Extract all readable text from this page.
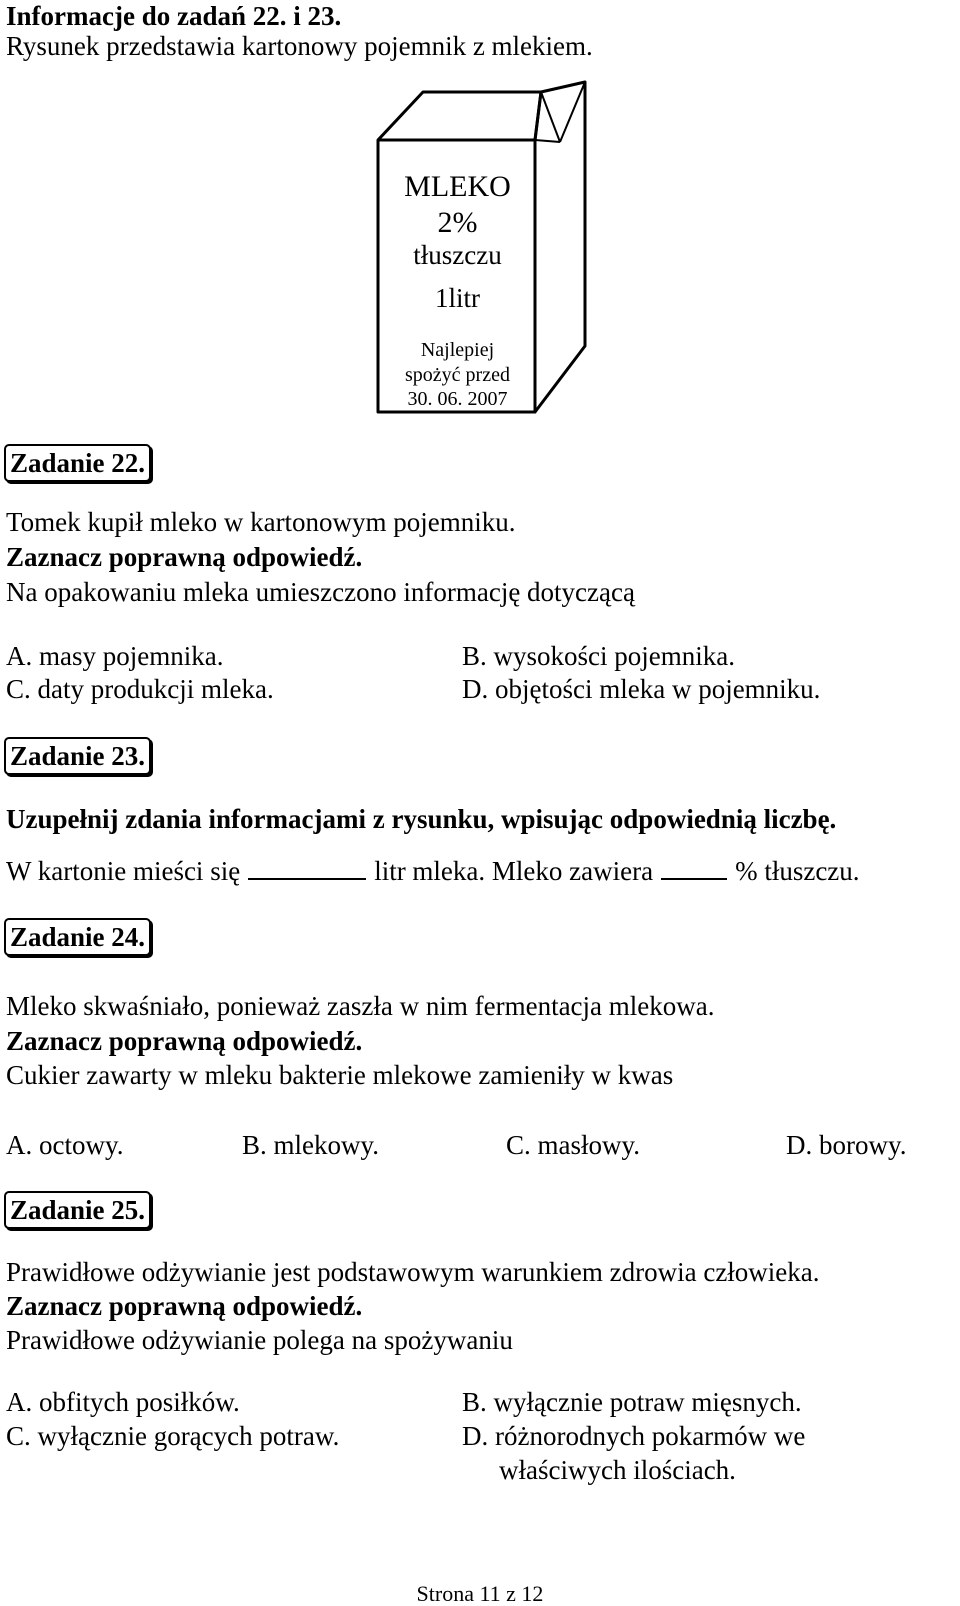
Informacje do zadań 22. i 23.
Rysunek przedstawia kartonowy pojemnik z mlekiem.
MLEKO
2%
tłuszczu
1litr
Najlepiej
spożyć przed
30. 06. 2007
Zadanie 22.
Tomek kupił mleko w kartonowym pojemniku.
Zaznacz poprawną odpowiedź.
Na opakowaniu mleka umieszczono informację dotyczącą
A. masy pojemnika.	B. wysokości pojemnika.
C. daty produkcji mleka.	D. objętości mleka w pojemniku.
Zadanie 23.
Uzupełnij zdania informacjami z rysunku, wpisując odpowiednią liczbę.
W kartonie mieści się	litr mleka. Mleko zawiera	% tłuszczu.
Zadanie 24.
Mleko skwaśniało, ponieważ zaszła w nim fermentacja mlekowa.
Zaznacz poprawną odpowiedź.
Cukier zawarty w mleku bakterie mlekowe zamieniły w kwas
A. octowy.	B. mlekowy.	C. masłowy.	D. borowy.
Zadanie 25.
Prawidłowe odżywianie jest podstawowym warunkiem zdrowia człowieka.
Zaznacz poprawną odpowiedź.
Prawidłowe odżywianie polega na spożywaniu
A. obfitych posiłków.	B. wyłącznie potraw mięsnych.
C. wyłącznie gorących potraw.	D. różnorodnych pokarmów we
właściwych ilościach.
Strona 11 z 12
